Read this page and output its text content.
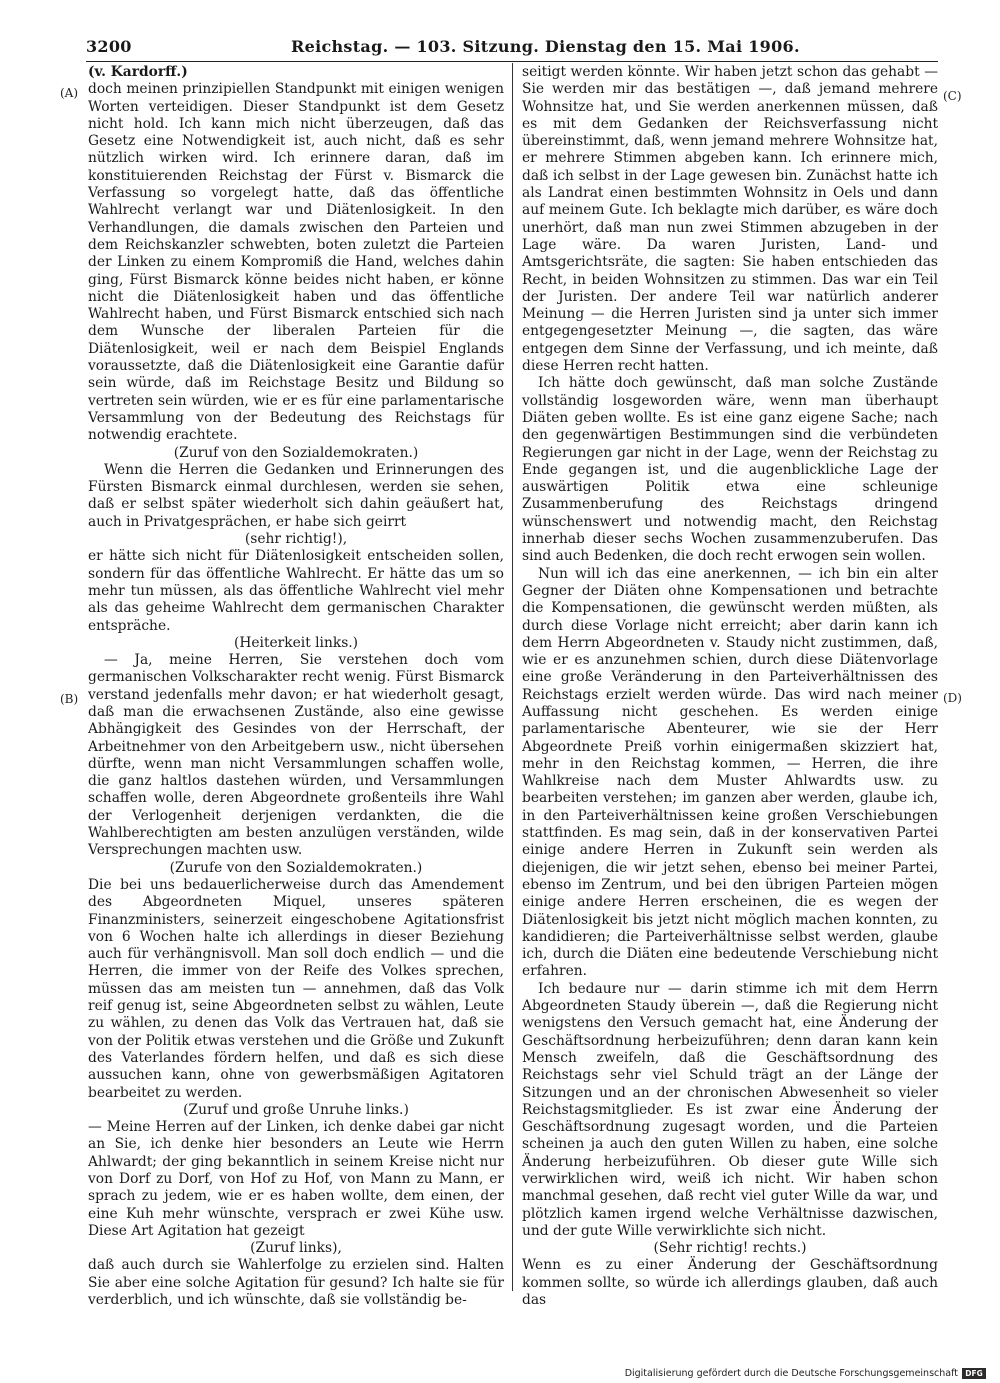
3200	Reichstag. — 103. Sitzung. Dienstag den 15. Mai 1906.
(A)
(B)
(C)
(D)

(v. Kardorff.)

doch meinen prinzipiellen Standpunkt mit einigen wenigen Worten verteidigen. Dieser Standpunkt ist dem Gesetz nicht hold. Ich kann mich nicht überzeugen, daß das Gesetz eine Notwendigkeit ist, auch nicht, daß es sehr nützlich wirken wird. Ich erinnere daran, daß im konstituierenden Reichstag der Fürst v. Bismarck die Verfassung so vorgelegt hatte, daß das öffentliche Wahlrecht verlangt war und Diätenlosigkeit. In den Verhandlungen, die damals zwischen den Parteien und dem Reichskanzler schwebten, boten zuletzt die Parteien der Linken zu einem Kompromiß die Hand, welches dahin ging, Fürst Bismarck könne beides nicht haben, er könne nicht die Diätenlosigkeit haben und das öffentliche Wahlrecht haben, und Fürst Bismarck entschied sich nach dem Wunsche der liberalen Parteien für die Diätenlosigkeit, weil er nach dem Beispiel Englands voraussetzte, daß die Diätenlosigkeit eine Garantie dafür sein würde, daß im Reichstage Besitz und Bildung so vertreten sein würden, wie er es für eine parlamentarische Versammlung von der Bedeutung des Reichstags für notwendig erachtete.

(Zuruf von den Sozialdemokraten.)

Wenn die Herren die Gedanken und Erinnerungen des Fürsten Bismarck einmal durchlesen, werden sie sehen, daß er selbst später wiederholt sich dahin geäußert hat, auch in Privatgesprächen, er habe sich geirrt

(sehr richtig!),

er hätte sich nicht für Diätenlosigkeit entscheiden sollen, sondern für das öffentliche Wahlrecht. Er hätte das um so mehr tun müssen, als das öffentliche Wahlrecht viel mehr als das geheime Wahlrecht dem germanischen Charakter entspräche.

(Heiterkeit links.)

— Ja, meine Herren, Sie verstehen doch vom germanischen Volkscharakter recht wenig. Fürst Bismarck verstand jedenfalls mehr davon; er hat wiederholt gesagt, daß man die erwachsenen Zustände, also eine gewisse Abhängigkeit des Gesindes von der Herrschaft, der Arbeitnehmer von den Arbeitgebern usw., nicht übersehen dürfte, wenn man nicht Versammlungen schaffen wolle, die ganz haltlos dastehen würden, und Versammlungen schaffen wolle, deren Abgeordnete großenteils ihre Wahl der Verlogenheit derjenigen verdankten, die die Wahlberechtigten am besten anzulügen verständen, wilde Versprechungen machten usw.

(Zurufe von den Sozialdemokraten.)

Die bei uns bedauerlicherweise durch das Amendement des Abgeordneten Miquel, unseres späteren Finanzministers, seinerzeit eingeschobene Agitationsfrist von 6 Wochen halte ich allerdings in dieser Beziehung auch für verhängnisvoll. Man soll doch endlich — und die Herren, die immer von der Reife des Volkes sprechen, müssen das am meisten tun — annehmen, daß das Volk reif genug ist, seine Abgeordneten selbst zu wählen, Leute zu wählen, zu denen das Volk das Vertrauen hat, daß sie von der Politik etwas verstehen und die Größe und Zukunft des Vaterlandes fördern helfen, und daß es sich diese aussuchen kann, ohne von gewerbsmäßigen Agitatoren bearbeitet zu werden.

(Zuruf und große Unruhe links.)

— Meine Herren auf der Linken, ich denke dabei gar nicht an Sie, ich denke hier besonders an Leute wie Herrn Ahlwardt; der ging bekanntlich in seinem Kreise nicht nur von Dorf zu Dorf, von Hof zu Hof, von Mann zu Mann, er sprach zu jedem, wie er es haben wollte, dem einen, der eine Kuh mehr wünschte, versprach er zwei Kühe usw. Diese Art Agitation hat gezeigt

(Zuruf links),

daß auch durch sie Wahlerfolge zu erzielen sind. Halten Sie aber eine solche Agitation für gesund? Ich halte sie für verderblich, und ich wünschte, daß sie vollständig be-

seitigt werden könnte. Wir haben jetzt schon das gehabt — Sie werden mir das bestätigen —, daß jemand mehrere Wohnsitze hat, und Sie werden anerkennen müssen, daß es mit dem Gedanken der Reichsverfassung nicht übereinstimmt, daß, wenn jemand mehrere Wohnsitze hat, er mehrere Stimmen abgeben kann. Ich erinnere mich, daß ich selbst in der Lage gewesen bin. Zunächst hatte ich als Landrat einen bestimmten Wohnsitz in Oels und dann auf meinem Gute. Ich beklagte mich darüber, es wäre doch unerhört, daß man nun zwei Stimmen abzugeben in der Lage wäre. Da waren Juristen, Land- und Amtsgerichtsräte, die sagten: Sie haben entschieden das Recht, in beiden Wohnsitzen zu stimmen. Das war ein Teil der Juristen. Der andere Teil war natürlich anderer Meinung — die Herren Juristen sind ja unter sich immer entgegengesetzter Meinung —, die sagten, das wäre entgegen dem Sinne der Verfassung, und ich meinte, daß diese Herren recht hatten.

Ich hätte doch gewünscht, daß man solche Zustände vollständig losgeworden wäre, wenn man überhaupt Diäten geben wollte. Es ist eine ganz eigene Sache; nach den gegenwärtigen Bestimmungen sind die verbündeten Regierungen gar nicht in der Lage, wenn der Reichstag zu Ende gegangen ist, und die augenblickliche Lage der auswärtigen Politik etwa eine schleunige Zusammenberufung des Reichstags dringend wünschenswert und notwendig macht, den Reichstag innerhab dieser sechs Wochen zusammenzuberufen. Das sind auch Bedenken, die doch recht erwogen sein wollen.

Nun will ich das eine anerkennen, — ich bin ein alter Gegner der Diäten ohne Kompensationen und betrachte die Kompensationen, die gewünscht werden müßten, als durch diese Vorlage nicht erreicht; aber darin kann ich dem Herrn Abgeordneten v. Staudy nicht zustimmen, daß, wie er es anzunehmen schien, durch diese Diätenvorlage eine große Veränderung in den Parteiverhältnissen des Reichstags erzielt werden würde. Das wird nach meiner Auffassung nicht geschehen. Es werden einige parlamentarische Abenteurer, wie sie der Herr Abgeordnete Preiß vorhin einigermaßen skizziert hat, mehr in den Reichstag kommen, — Herren, die ihre Wahlkreise nach dem Muster Ahlwardts usw. zu bearbeiten verstehen; im ganzen aber werden, glaube ich, in den Parteiverhältnissen keine großen Verschiebungen stattfinden. Es mag sein, daß in der konservativen Partei einige andere Herren in Zukunft sein werden als diejenigen, die wir jetzt sehen, ebenso bei meiner Partei, ebenso im Zentrum, und bei den übrigen Parteien mögen einige andere Herren erscheinen, die es wegen der Diätenlosigkeit bis jetzt nicht möglich machen konnten, zu kandidieren; die Parteiverhältnisse selbst werden, glaube ich, durch die Diäten eine bedeutende Verschiebung nicht erfahren.

Ich bedaure nur — darin stimme ich mit dem Herrn Abgeordneten Staudy überein —, daß die Regierung nicht wenigstens den Versuch gemacht hat, eine Änderung der Geschäftsordnung herbeizuführen; denn daran kann kein Mensch zweifeln, daß die Geschäftsordnung des Reichstags sehr viel Schuld trägt an der Länge der Sitzungen und an der chronischen Abwesenheit so vieler Reichstagsmitglieder. Es ist zwar eine Änderung der Geschäftsordnung zugesagt worden, und die Parteien scheinen ja auch den guten Willen zu haben, eine solche Änderung herbeizuführen. Ob dieser gute Wille sich verwirklichen wird, weiß ich nicht. Wir haben schon manchmal gesehen, daß recht viel guter Wille da war, und plötzlich kamen irgend welche Verhältnisse dazwischen, und der gute Wille verwirklichte sich nicht.

(Sehr richtig! rechts.)

Wenn es zu einer Änderung der Geschäftsordnung kommen sollte, so würde ich allerdings glauben, daß auch das

Digitalisierung gefördert durch die Deutsche Forschungsgemeinschaft DFG
